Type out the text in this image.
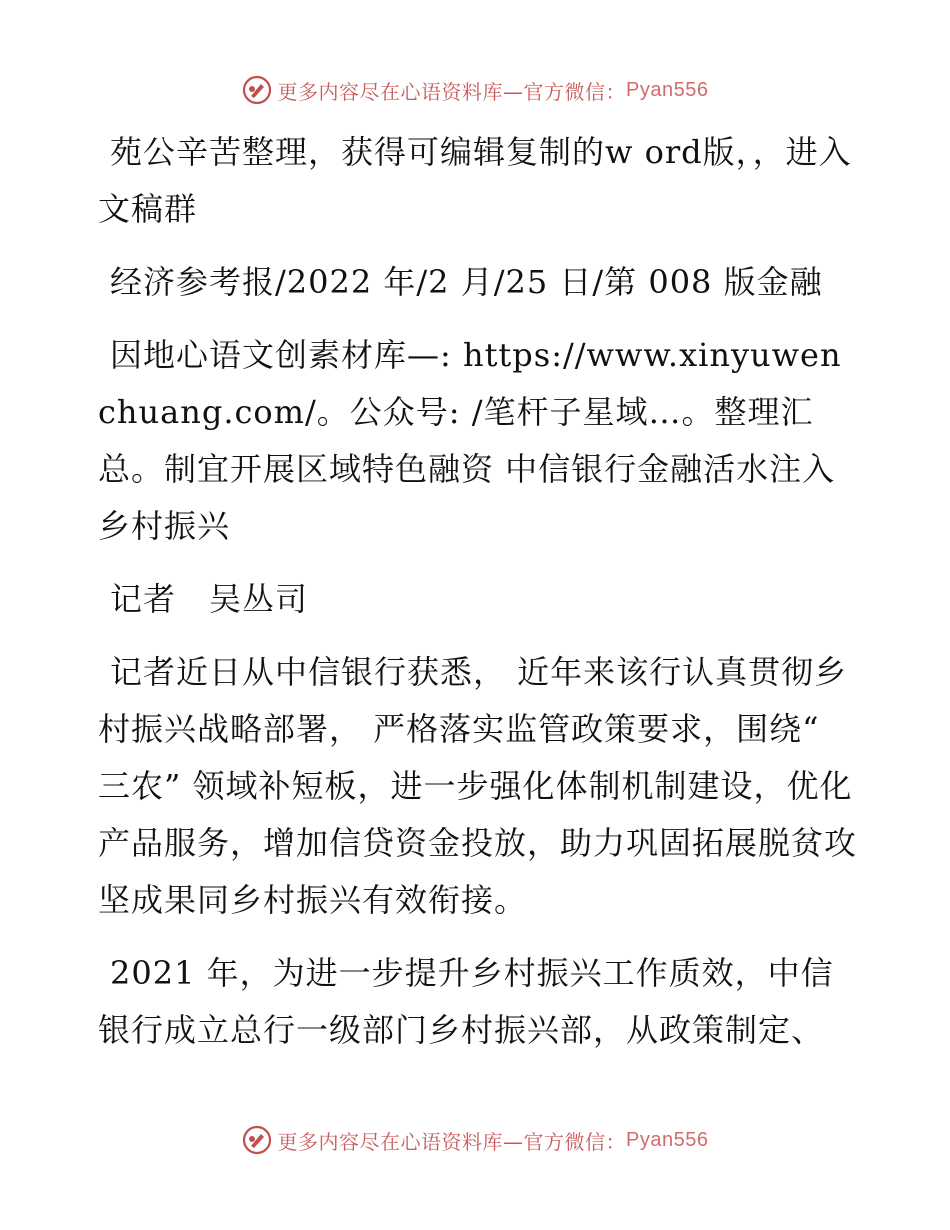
更多内容尽在心语资料库—官方微信： Pyan556

苑公辛苦整理，获得可编辑复制的w ord版，，进入文稿群

经济参考报/2022 年/2 月/25 日/第 008 版金融

因地心语文创素材库—: https://www.xinyuwenchuang.com/。公众号: /笔杆子星域…。整理汇总。制宜开展区域特色融资 中信银行金融活水注入乡村振兴

记者　吴丛司

记者近日从中信银行获悉， 近年来该行认真贯彻乡村振兴战略部署， 严格落实监管政策要求，围绕“ 三农” 领域补短板，进一步强化体制机制建设，优化产品服务，增加信贷资金投放，助力巩固拓展脱贫攻坚成果同乡村振兴有效衔接。

2021 年，为进一步提升乡村振兴工作质效，中信银行成立总行一级部门乡村振兴部，从政策制定、

更多内容尽在心语资料库—官方微信： Pyan556
